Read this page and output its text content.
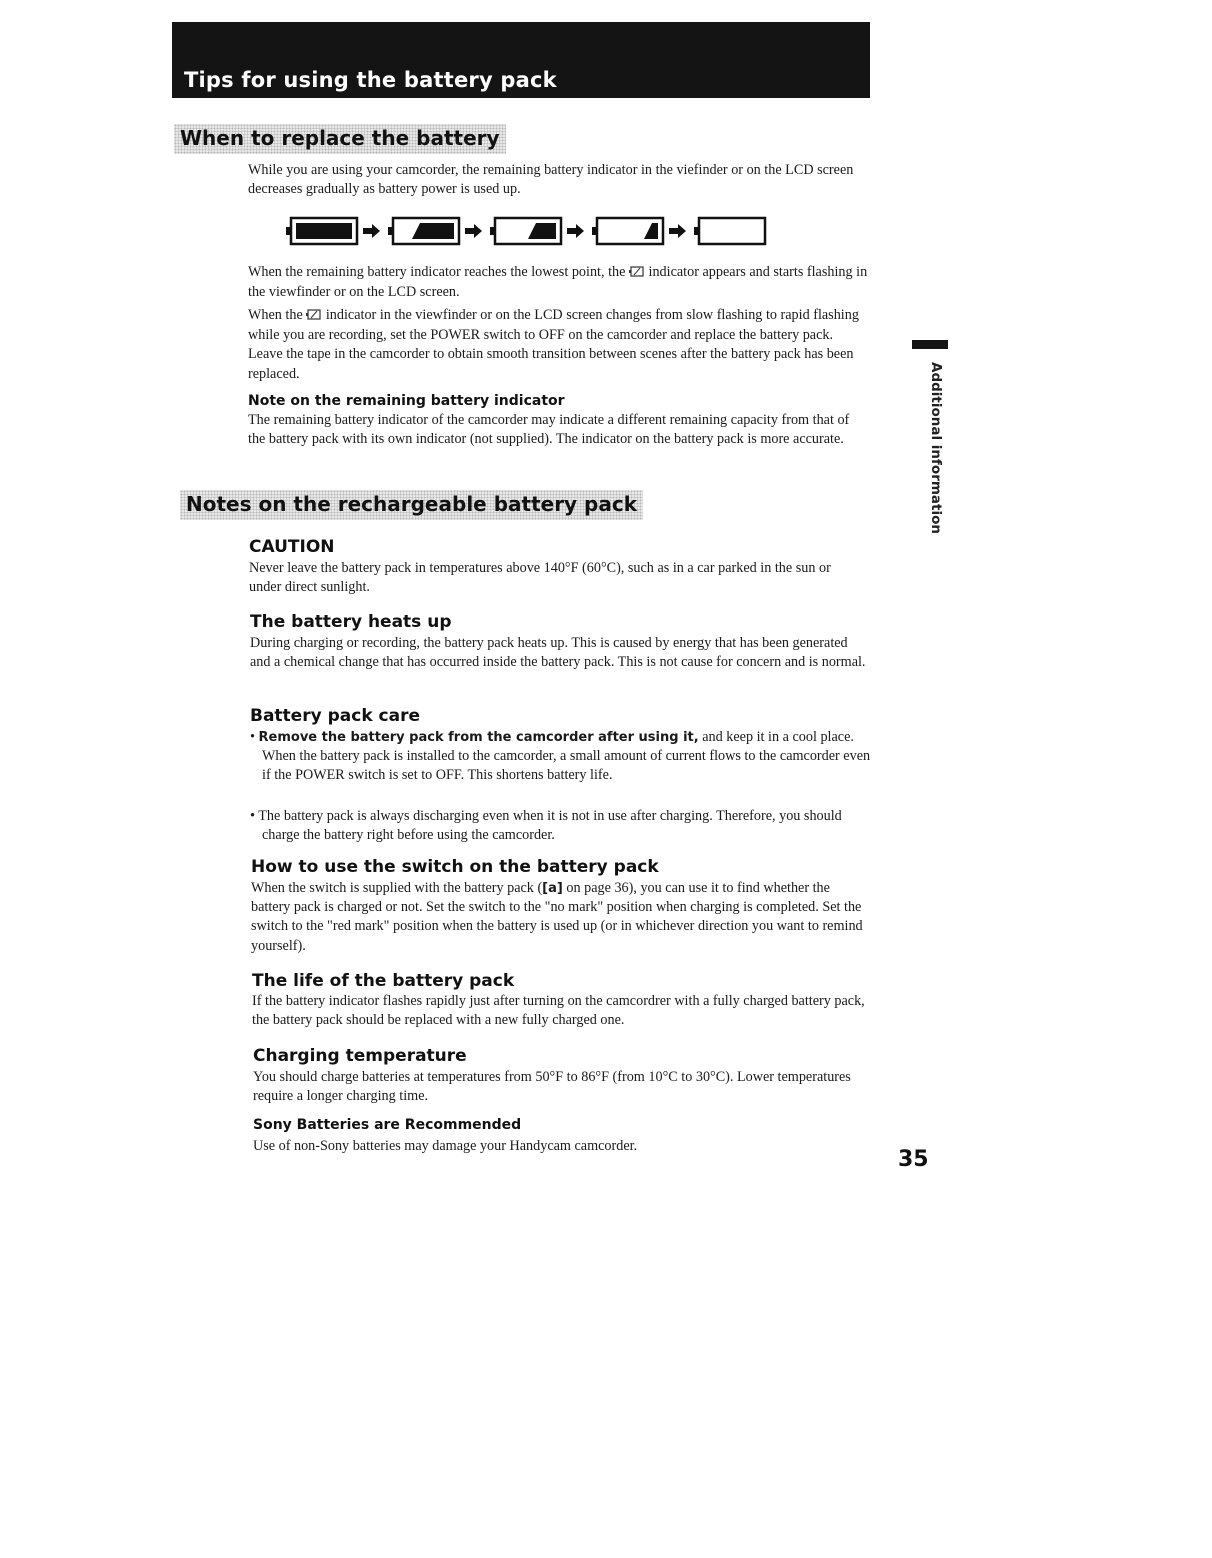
Tips for using the battery pack
When to replace the battery

While you are using your camcorder, the remaining battery indicator in the viefinder or on the LCD screen decreases gradually as battery power is used up.

When the remaining battery indicator reaches the lowest point, the indicator appears and starts flashing in the viewfinder or on the LCD screen.

When the indicator in the viewfinder or on the LCD screen changes from slow flashing to rapid flashing while you are recording, set the POWER switch to OFF on the camcorder and replace the battery pack. Leave the tape in the camcorder to obtain smooth transition between scenes after the battery pack has been replaced.

Note on the remaining battery indicator

The remaining battery indicator of the camcorder may indicate a different remaining capacity from that of the battery pack with its own indicator (not supplied). The indicator on the battery pack is more accurate.

Notes on the rechargeable battery pack
CAUTION

Never leave the battery pack in temperatures above 140°F (60°C), such as in a car parked in the sun or under direct sunlight.

The battery heats up

During charging or recording, the battery pack heats up. This is caused by energy that has been generated and a chemical change that has occurred inside the battery pack. This is not cause for concern and is normal.

Battery pack care

• Remove the battery pack from the camcorder after using it, and keep it in a cool place. When the battery pack is installed to the camcorder, a small amount of current flows to the camcorder even if the POWER switch is set to OFF. This shortens battery life.

• The battery pack is always discharging even when it is not in use after charging. Therefore, you should charge the battery right before using the camcorder.

How to use the switch on the battery pack

When the switch is supplied with the battery pack ([a] on page 36), you can use it to find whether the battery pack is charged or not. Set the switch to the "no mark" position when charging is completed. Set the switch to the "red mark" position when the battery is used up (or in whichever direction you want to remind yourself).

The life of the battery pack

If the battery indicator flashes rapidly just after turning on the camcordrer with a fully charged battery pack, the battery pack should be replaced with a new fully charged one.

Charging temperature

You should charge batteries at temperatures from 50°F to 86°F (from 10°C to 30°C). Lower temperatures require a longer charging time.

Sony Batteries are Recommended

Use of non-Sony batteries may damage your Handycam camcorder.

Additional information
35
